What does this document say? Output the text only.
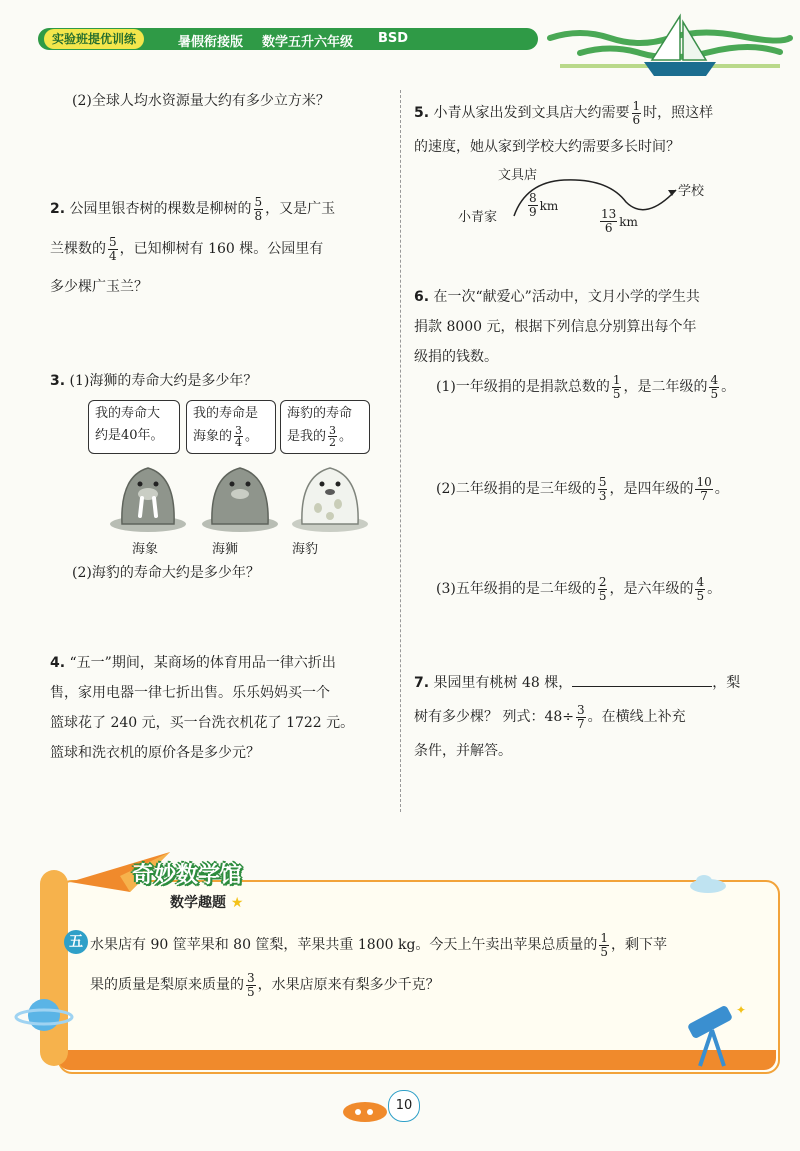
实验班提优训练	暑假衔接版 数学五升六年级 BSD
(2)全球人均水资源量大约有多少立方米？
2. 公园里银杏树的棵数是柳树的 $\frac{5}{8}$ ，又是广玉
兰棵数的 $\frac{5}{4}$ ，已知柳树有 160 棵。公园里有
多少棵广玉兰？
3. (1)海狮的寿命大约是多少年？
我的寿命大
约是40年。
我的寿命是
海象的 $\frac{3}{4}$ 。
海豹的寿命
是我的 $\frac{3}{2}$ 。
海象	海狮	海豹
(2)海豹的寿命大约是多少年？
4. “五一”期间，某商场的体育用品一律六折出
售，家用电器一律七折出售。乐乐妈妈买一个
篮球花了 240 元，买一台洗衣机花了 1722 元。
篮球和洗衣机的原价各是多少元？
5. 小青从家出发到文具店大约需要 $\frac{1}{6}$ 时，照这样
的速度，她从家到学校大约需要多长时间？
文具店
小青家
学校
$\frac{8}{9}$ km
$\frac{13}{6}$ km
6. 在一次“献爱心”活动中，文月小学的学生共
捐款 8000 元，根据下列信息分别算出每个年
级捐的钱数。
(1)一年级捐的是捐款总数的 $\frac{1}{5}$ ，是二年级的 $\frac{4}{5}$ 。
(2)二年级捐的是三年级的 $\frac{5}{3}$ ，是四年级的 $\frac{10}{7}$ 。
(3)五年级捐的是二年级的 $\frac{2}{5}$ ，是六年级的 $\frac{4}{5}$ 。
7. 果园里有桃树 48 棵，	，梨
树有多少棵？ 列式：$48\div \frac{3}{7}$ 。在横线上补充
条件，并解答。
奇妙数学馆
数学趣题 ★
五 水果店有 90 筐苹果和 80 筐梨，苹果共重 1800 kg。今天上午卖出苹果总质量的 $\frac{1}{5}$ ，剩下苹
果的质量是梨原来质量的 $\frac{3}{5}$ ，水果店原来有梨多少千克？
✦
10
